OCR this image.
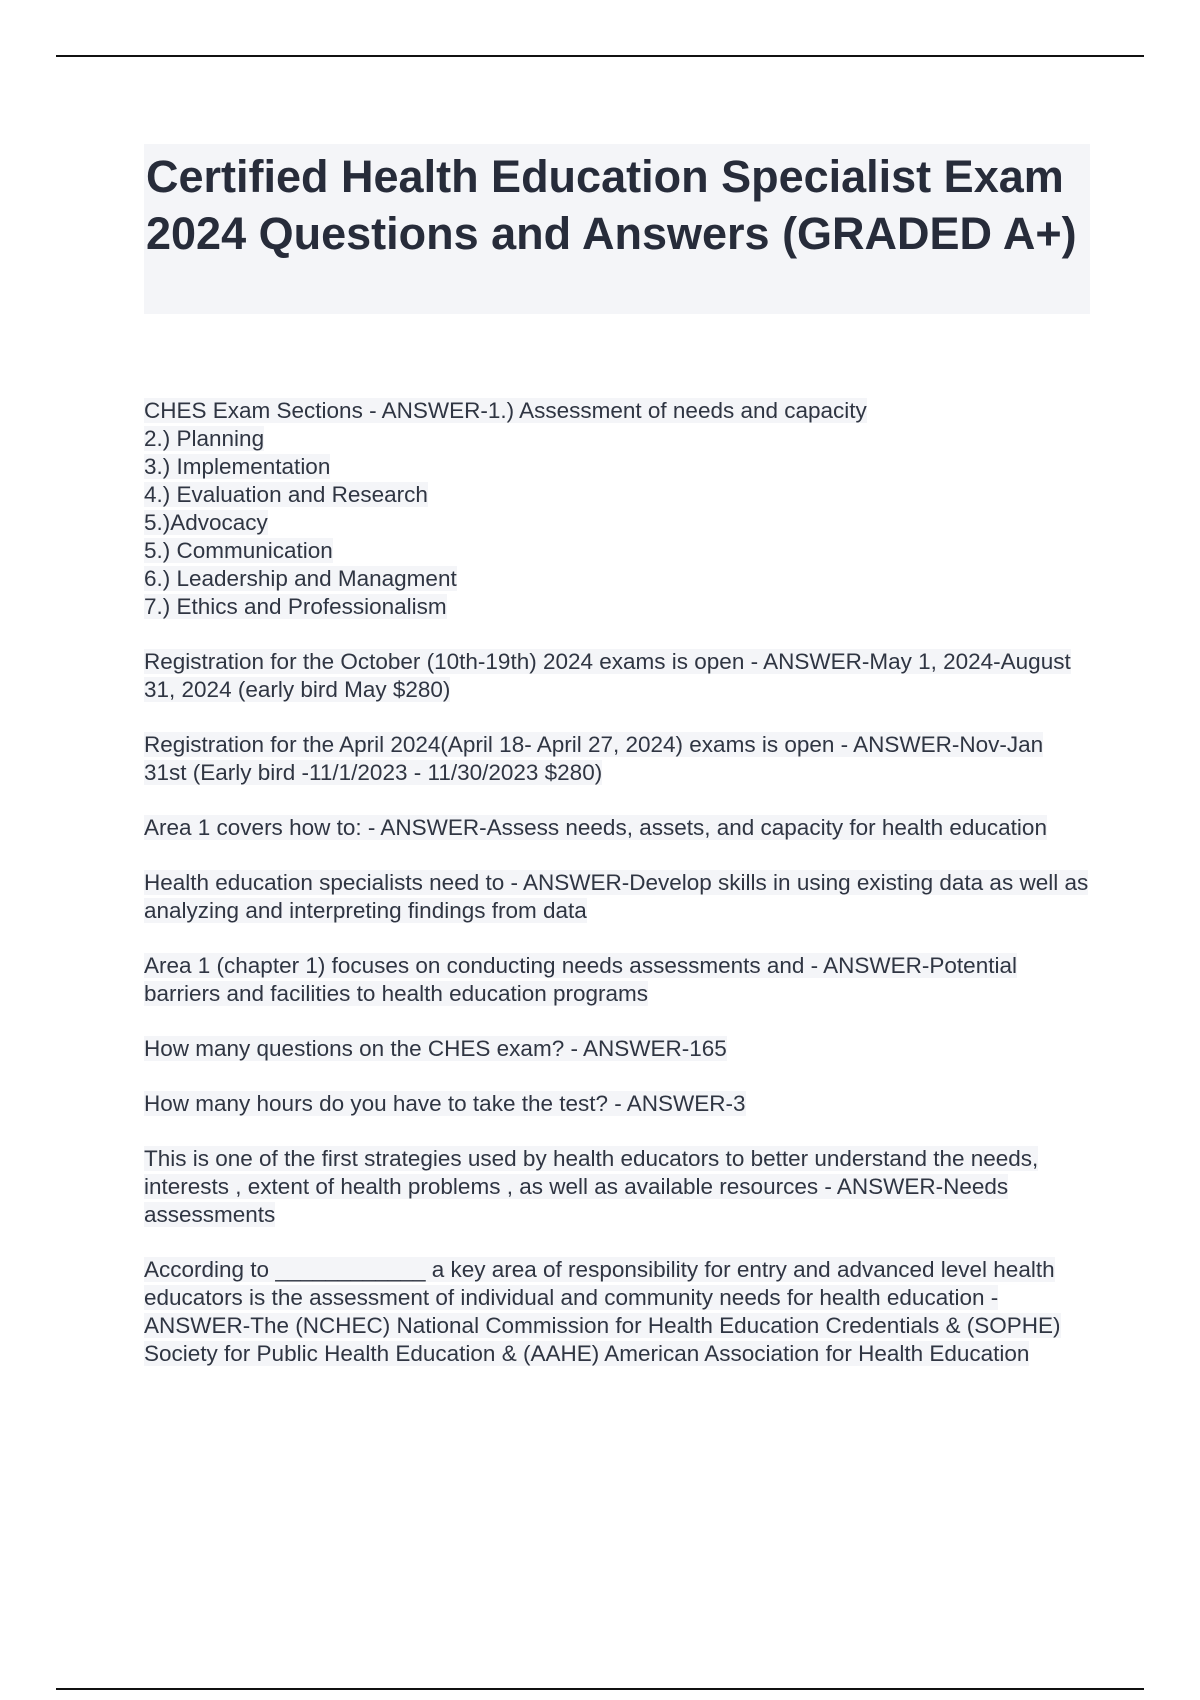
Certified Health Education Specialist Exam 2024 Questions and Answers (GRADED A+)
CHES Exam Sections - ANSWER-1.) Assessment of needs and capacity
2.) Planning
3.) Implementation
4.) Evaluation and Research
5.)Advocacy
5.) Communication
6.) Leadership and Managment
7.) Ethics and Professionalism
Registration for the October (10th-19th) 2024 exams is open - ANSWER-May 1, 2024-August 31, 2024 (early bird May $280)
Registration for the April 2024(April 18- April 27, 2024) exams is open - ANSWER-Nov-Jan 31st (Early bird -11/1/2023 - 11/30/2023 $280)
Area 1 covers how to: - ANSWER-Assess needs, assets, and capacity for health education
Health education specialists need to - ANSWER-Develop skills in using existing data as well as analyzing and interpreting findings from data
Area 1 (chapter 1) focuses on conducting needs assessments and - ANSWER-Potential barriers and facilities to health education programs
How many questions on the CHES exam? - ANSWER-165
How many hours do you have to take the test? - ANSWER-3
This is one of the first strategies used by health educators to better understand the needs, interests , extent of health problems , as well as available resources - ANSWER-Needs assessments
According to ____________ a key area of responsibility for entry and advanced level health educators is the assessment of individual and community needs for health education - ANSWER-The (NCHEC) National Commission for Health Education Credentials & (SOPHE) Society for Public Health Education & (AAHE) American Association for Health Education
